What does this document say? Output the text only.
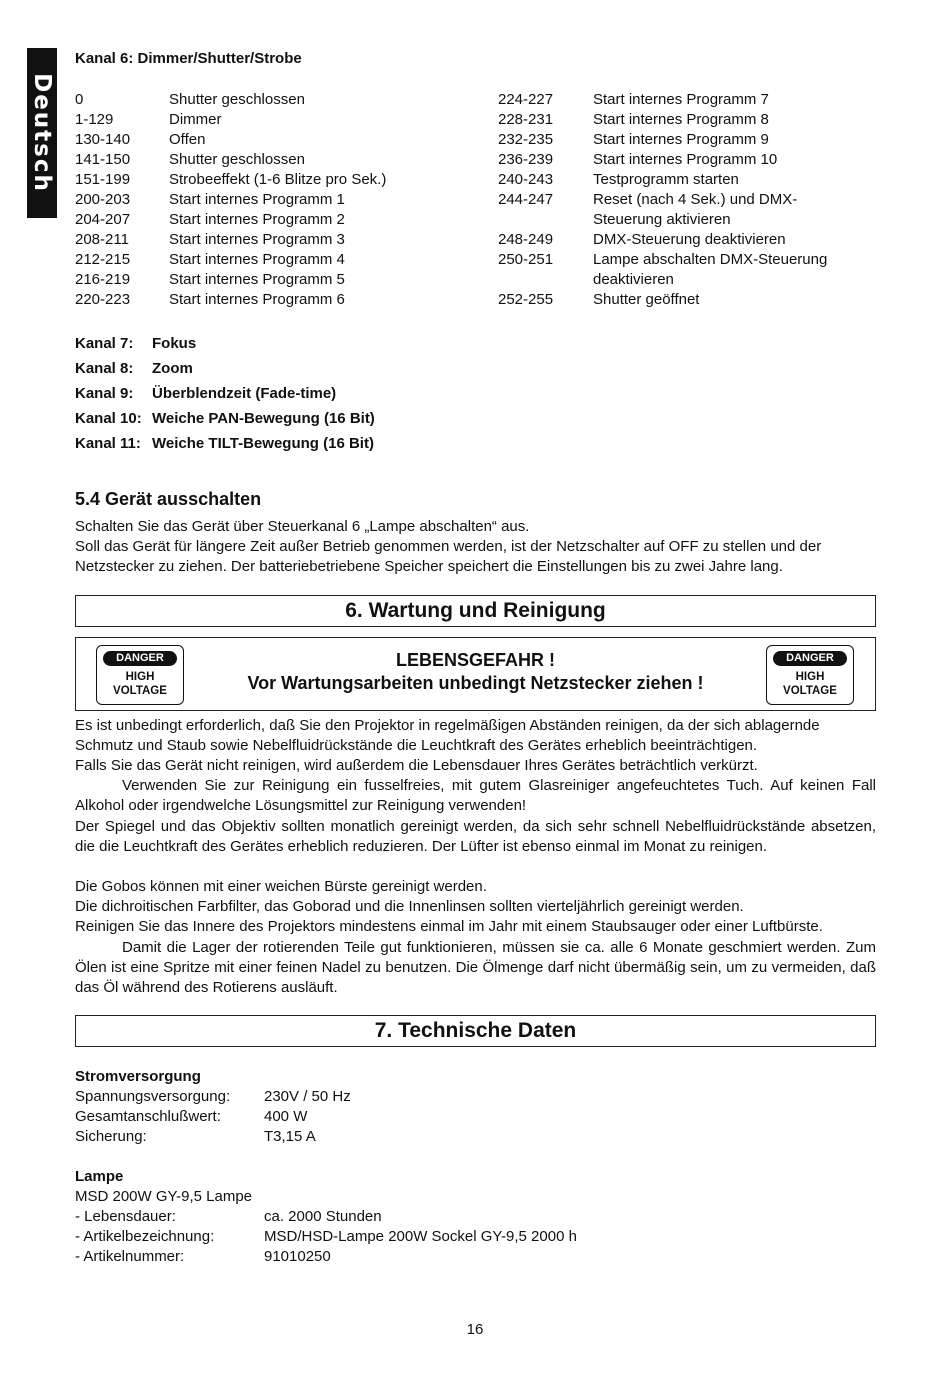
Deutsch
Kanal 6: Dimmer/Shutter/Strobe
0	Shutter geschlossen
1-129	Dimmer
130-140	Offen
141-150	Shutter geschlossen
151-199	Strobeeffekt (1-6 Blitze pro Sek.)
200-203	Start internes Programm 1
204-207	Start internes Programm 2
208-211	Start internes Programm 3
212-215	Start internes Programm 4
216-219	Start internes Programm 5
220-223	Start internes Programm 6
224-227	Start internes Programm 7
228-231	Start internes Programm 8
232-235	Start internes Programm 9
236-239	Start internes Programm 10
240-243	Testprogramm starten
244-247	Reset (nach 4 Sek.) und DMX-
Steuerung aktivieren
248-249	DMX-Steuerung deaktivieren
250-251	Lampe abschalten DMX-Steuerung
deaktivieren
252-255	Shutter geöffnet
Kanal 7: Fokus
Kanal 8: Zoom
Kanal 9: Überblendzeit (Fade-time)
Kanal 10: Weiche PAN-Bewegung (16 Bit)
Kanal 11: Weiche TILT-Bewegung (16 Bit)
5.4 Gerät ausschalten
Schalten Sie das Gerät über Steuerkanal 6 „Lampe abschalten“ aus.
Soll das Gerät für längere Zeit außer Betrieb genommen werden, ist der Netzschalter auf OFF zu stellen und der Netzstecker zu ziehen. Der batteriebetriebene Speicher speichert die Einstellungen bis zu zwei Jahre lang.
6. Wartung und Reinigung
DANGER
HIGH
VOLTAGE
LEBENSGEFAHR !
Vor Wartungsarbeiten unbedingt Netzstecker ziehen !
DANGER
HIGH
VOLTAGE
Es ist unbedingt erforderlich, daß Sie den Projektor in regelmäßigen Abständen reinigen, da der sich ablagernde Schmutz und Staub sowie Nebelfluidrückstände die Leuchtkraft des Gerätes erheblich beeinträchtigen.
Falls Sie das Gerät nicht reinigen, wird außerdem die Lebensdauer Ihres Gerätes beträchtlich verkürzt.
Verwenden Sie zur Reinigung ein fusselfreies, mit gutem Glasreiniger angefeuchtetes Tuch. Auf keinen Fall Alkohol oder irgendwelche Lösungsmittel zur Reinigung verwenden!
Der Spiegel und das Objektiv sollten monatlich gereinigt werden, da sich sehr schnell Nebelfluidrückstände absetzen, die die Leuchtkraft des Gerätes erheblich reduzieren. Der Lüfter ist ebenso einmal im Monat zu reinigen.
Die Gobos können mit einer weichen Bürste gereinigt werden.
Die dichroitischen Farbfilter, das Goborad und die Innenlinsen sollten vierteljährlich gereinigt werden.
Reinigen Sie das Innere des Projektors mindestens einmal im Jahr mit einem Staubsauger oder einer Luftbürste.
Damit die Lager der rotierenden Teile gut funktionieren, müssen sie ca. alle 6 Monate geschmiert werden. Zum Ölen ist eine Spritze mit einer feinen Nadel zu benutzen. Die Ölmenge darf nicht übermäßig sein, um zu vermeiden, daß das Öl während des Rotierens ausläuft.
7. Technische Daten
Stromversorgung
Spannungsversorgung:	230V / 50 Hz
Gesamtanschlußwert:	400 W
Sicherung:	T3,15 A
Lampe
MSD 200W GY-9,5 Lampe
- Lebensdauer:	ca. 2000 Stunden
- Artikelbezeichnung:	MSD/HSD-Lampe 200W Sockel GY-9,5 2000 h
- Artikelnummer:	91010250
16
